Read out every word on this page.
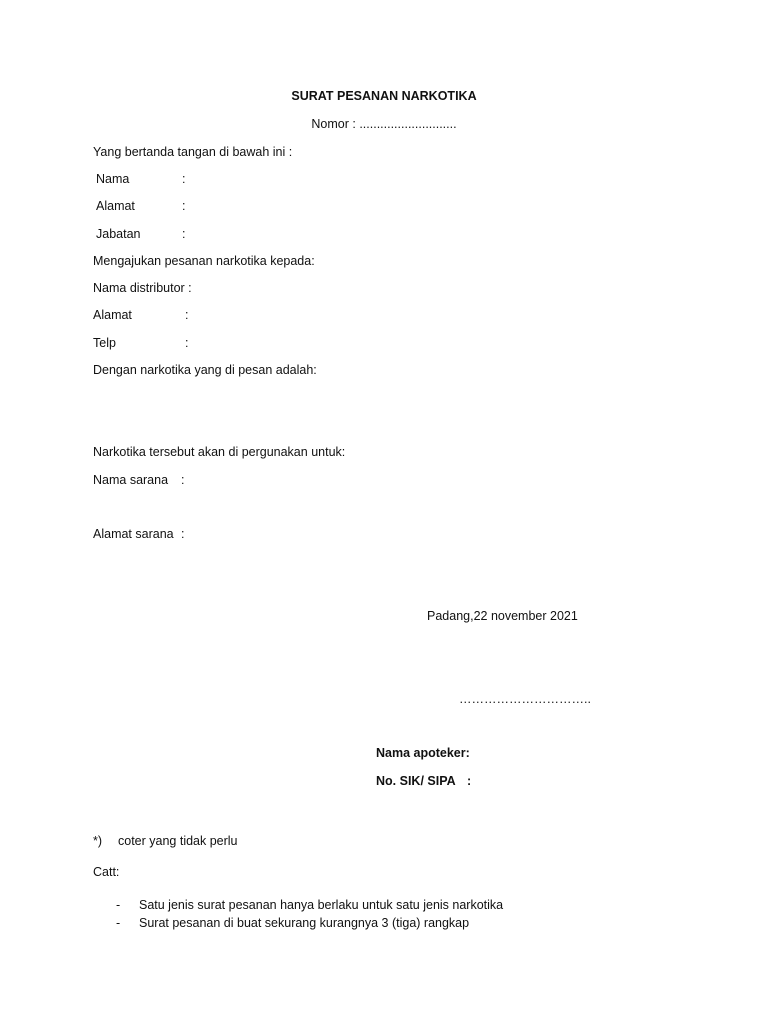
SURAT PESANAN NARKOTIKA
Nomor : ............................
Yang bertanda tangan di bawah ini :
Nama	:
Alamat	:
Jabatan	:
Mengajukan pesanan narkotika kepada:
Nama distributor :
Alamat	:
Telp	:
Dengan narkotika yang di pesan adalah:
Narkotika tersebut akan di pergunakan untuk:
Nama sarana :
Alamat sarana :
Padang,22 november 2021
…………………………..
Nama apoteker:
No. SIK/ SIPA :
*) coter yang tidak perlu
Catt:
- Satu jenis surat pesanan hanya berlaku untuk satu jenis narkotika
- Surat pesanan di buat sekurang kurangnya 3 (tiga) rangkap
